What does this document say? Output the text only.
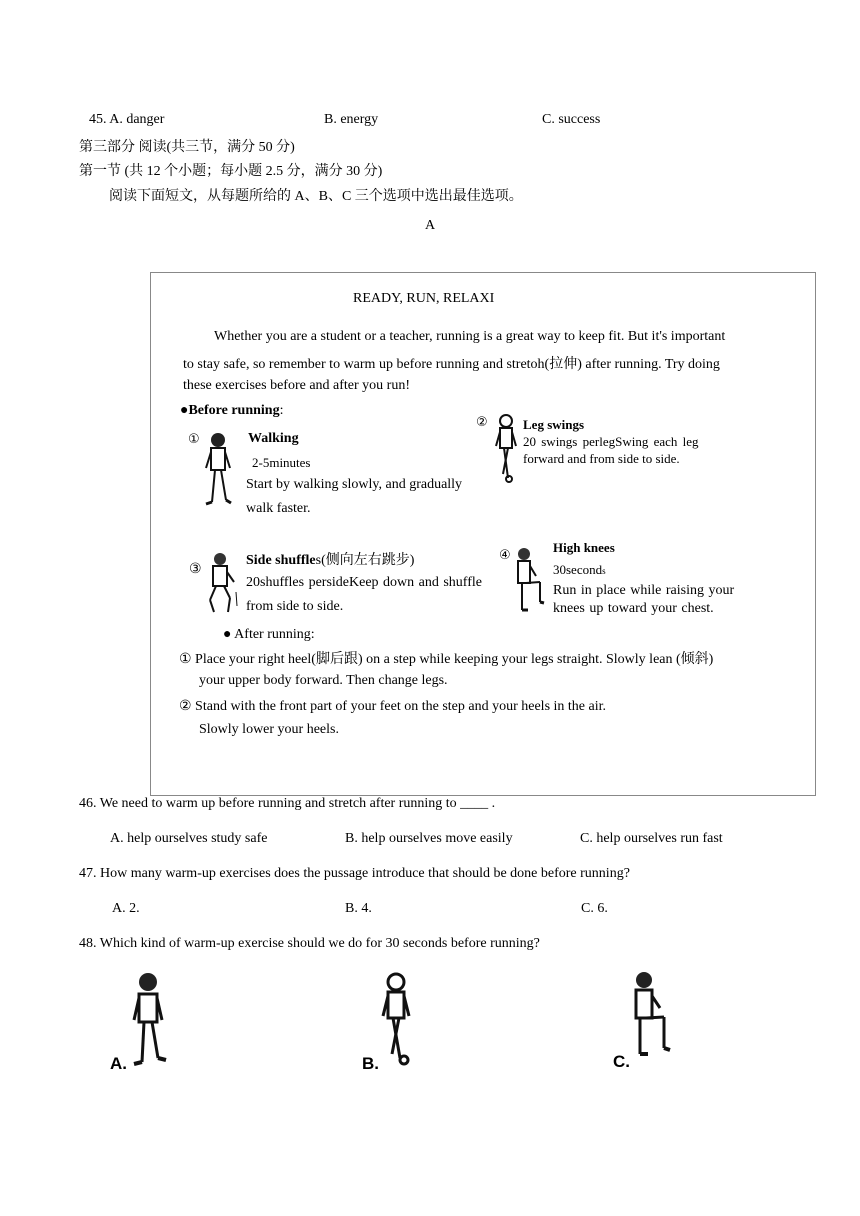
45. A. danger	B. energy	C. success
第三部分 阅读(共三节，满分 50 分)
第一节 (共 12 个小题；每小题 2.5 分，满分 30 分)
阅读下面短文，从每题所给的 A、B、C 三个选项中选出最佳选项。
A
READY, RUN, RELAXI
Whether you are a student or a teacher, running is a great way to keep fit. But it's important
to stay safe, so remember to warm up before running and stretoh(拉伸) after running. Try doing
these exercises before and after you run!
●Before running:
①	Walking
2-5minutes
Start by walking slowly, and gradually
walk faster.
②	Leg swings
20 swings perlegSwing each leg
forward and from side to side.
③
Side shuffles(侧向左右跳步)
20shuffles persideKeep down and shuffle
from side to side.
④
High knees
30seconds
Run in place while raising your
knees up toward your chest.
● After running:
① Place your right heel(脚后跟) on a step while keeping your legs straight. Slowly lean (倾斜)
your upper body forward. Then change legs.
② Stand with the front part of your feet on the step and your heels in the air.
Slowly lower your heels.
46. We need to warm up before running and stretch after running to ____ .
A. help ourselves study safe	B. help ourselves move easily	C. help ourselves run fast
47. How many warm-up exercises does the pussage introduce that should be done before running?
A. 2.	B. 4.	C. 6.
48. Which kind of warm-up exercise should we do for 30 seconds before running?
A.	B.	C.
